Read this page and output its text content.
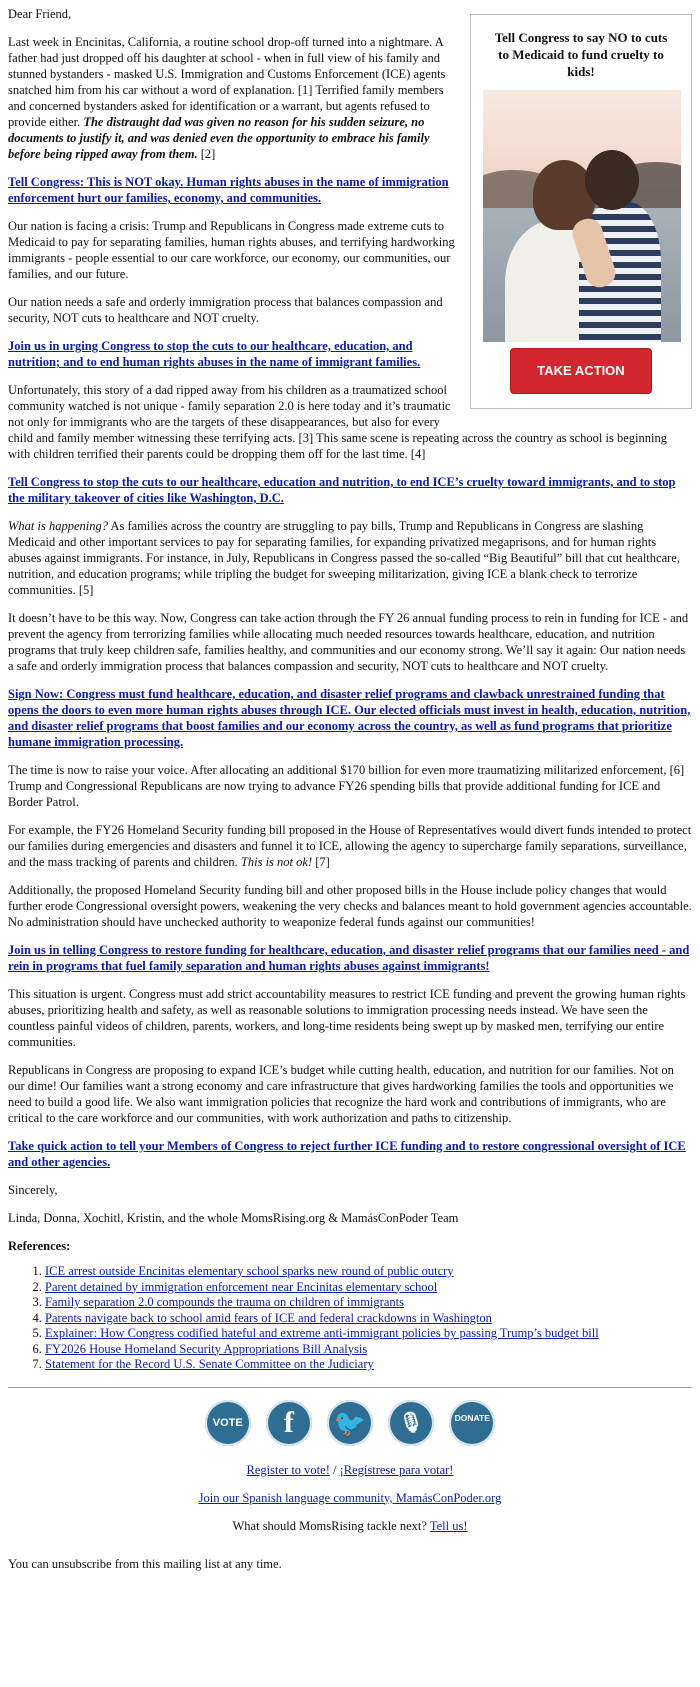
Tell Congress to say NO to cuts to Medicaid to fund cruelty to kids!
TAKE ACTION

Dear Friend,

Last week in Encinitas, California, a routine school drop-off turned into a nightmare. A father had just dropped off his daughter at school - when in full view of his family and stunned bystanders - masked U.S. Immigration and Customs Enforcement (ICE) agents snatched him from his car without a word of explanation. [1] Terrified family members and concerned bystanders asked for identification or a warrant, but agents refused to provide either. The distraught dad was given no reason for his sudden seizure, no documents to justify it, and was denied even the opportunity to embrace his family before being ripped away from them. [2]

Tell Congress: This is NOT okay. Human rights abuses in the name of immigration enforcement hurt our families, economy, and communities.

Our nation is facing a crisis: Trump and Republicans in Congress made extreme cuts to Medicaid to pay for separating families, human rights abuses, and terrifying hardworking immigrants - people essential to our care workforce, our economy, our communities, our families, and our future.

Our nation needs a safe and orderly immigration process that balances compassion and security, NOT cuts to healthcare and NOT cruelty.

Join us in urging Congress to stop the cuts to our healthcare, education, and nutrition; and to end human rights abuses in the name of immigrant families.

Unfortunately, this story of a dad ripped away from his children as a traumatized school community watched is not unique - family separation 2.0 is here today and it’s traumatic not only for immigrants who are the targets of these disappearances, but also for every child and family member witnessing these terrifying acts. [3] This same scene is repeating across the country as school is beginning with children terrified their parents could be dropping them off for the last time. [4]

Tell Congress to stop the cuts to our healthcare, education and nutrition, to end ICE’s cruelty toward immigrants, and to stop the military takeover of cities like Washington, D.C.

What is happening? As families across the country are struggling to pay bills, Trump and Republicans in Congress are slashing Medicaid and other important services to pay for separating families, for expanding privatized megaprisons, and for human rights abuses against immigrants. For instance, in July, Republicans in Congress passed the so-called “Big Beautiful” bill that cut healthcare, nutrition, and education programs; while tripling the budget for sweeping militarization, giving ICE a blank check to terrorize communities. [5]

It doesn’t have to be this way. Now, Congress can take action through the FY 26 annual funding process to rein in funding for ICE - and prevent the agency from terrorizing families while allocating much needed resources towards healthcare, education, and nutrition programs that truly keep children safe, families healthy, and communities and our economy strong. We’ll say it again: Our nation needs a safe and orderly immigration process that balances compassion and security, NOT cuts to healthcare and NOT cruelty.

Sign Now: Congress must fund healthcare, education, and disaster relief programs and clawback unrestrained funding that opens the doors to even more human rights abuses through ICE. Our elected officials must invest in health, education, nutrition, and disaster relief programs that boost families and our economy across the country, as well as fund programs that prioritize humane immigration processing.

The time is now to raise your voice. After allocating an additional $170 billion for even more traumatizing militarized enforcement, [6] Trump and Congressional Republicans are now trying to advance FY26 spending bills that provide additional funding for ICE and Border Patrol.

For example, the FY26 Homeland Security funding bill proposed in the House of Representatives would divert funds intended to protect our families during emergencies and disasters and funnel it to ICE, allowing the agency to supercharge family separations, surveillance, and the mass tracking of parents and children. This is not ok! [7]

Additionally, the proposed Homeland Security funding bill and other proposed bills in the House include policy changes that would further erode Congressional oversight powers, weakening the very checks and balances meant to hold government agencies accountable. No administration should have unchecked authority to weaponize federal funds against our communities!

Join us in telling Congress to restore funding for healthcare, education, and disaster relief programs that our families need - and rein in programs that fuel family separation and human rights abuses against immigrants!

This situation is urgent. Congress must add strict accountability measures to restrict ICE funding and prevent the growing human rights abuses, prioritizing health and safety, as well as reasonable solutions to immigration processing needs instead. We have seen the countless painful videos of children, parents, workers, and long-time residents being swept up by masked men, terrifying our entire communities.

Republicans in Congress are proposing to expand ICE’s budget while cutting health, education, and nutrition for our families. Not on our dime! Our families want a strong economy and care infrastructure that gives hardworking families the tools and opportunities we need to build a good life. We also want immigration policies that recognize the hard work and contributions of immigrants, who are critical to the care workforce and our communities, with work authorization and paths to citizenship.

Take quick action to tell your Members of Congress to reject further ICE funding and to restore congressional oversight of ICE and other agencies.

Sincerely,

Linda, Donna, Xochitl, Kristin, and the whole MomsRising.org & MamásConPoder Team

References:
1. ICE arrest outside Encinitas elementary school sparks new round of public outcry
2. Parent detained by immigration enforcement near Encinitas elementary school
3. Family separation 2.0 compounds the trauma on children of immigrants
4. Parents navigate back to school amid fears of ICE and federal crackdowns in Washington
5. Explainer: How Congress codified hateful and extreme anti-immigrant policies by passing Trump’s budget bill
6. FY2026 House Homeland Security Appropriations Bill Analysis
7. Statement for the Record U.S. Senate Committee on the Judiciary
VOTE f 🐦 🎙	DONATE

Register to vote! / ¡Regístrese para votar!

Join our Spanish language community, MamásConPoder.org

What should MomsRising tackle next? Tell us!

You can unsubscribe from this mailing list at any time.
